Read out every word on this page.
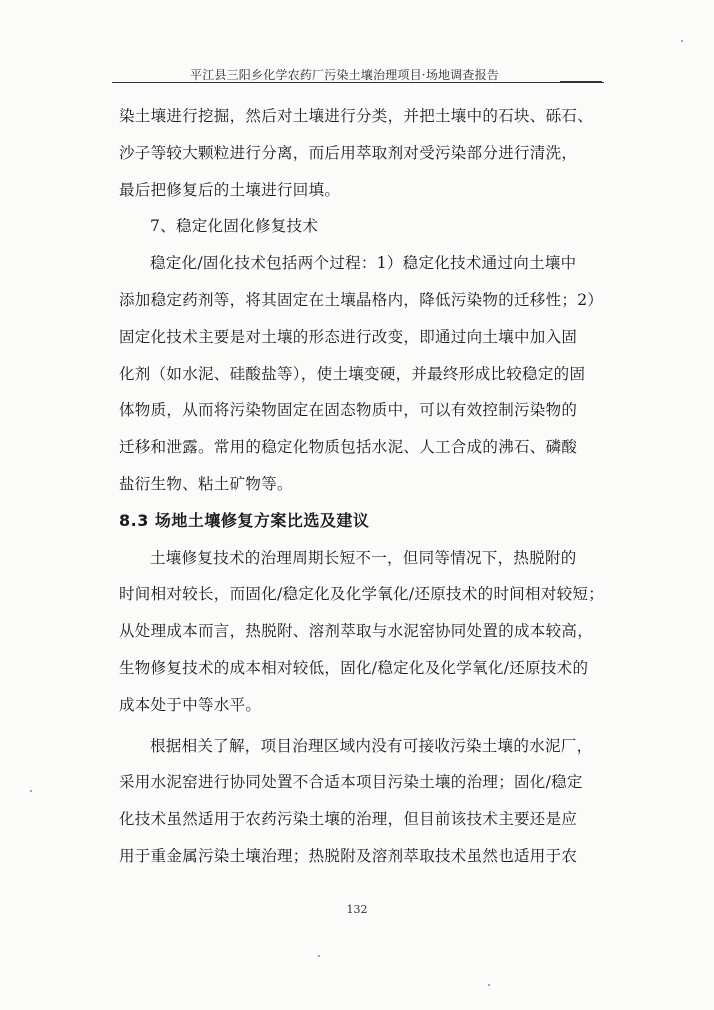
平江县三阳乡化学农药厂污染土壤治理项目·场地调查报告
染土壤进行挖掘，然后对土壤进行分类，并把土壤中的石块、砾石、
沙子等较大颗粒进行分离，而后用萃取剂对受污染部分进行清洗，
最后把修复后的土壤进行回填。
7、稳定化固化修复技术
稳定化/固化技术包括两个过程：1）稳定化技术通过向土壤中
添加稳定药剂等，将其固定在土壤晶格内，降低污染物的迁移性；2）
固定化技术主要是对土壤的形态进行改变，即通过向土壤中加入固
化剂（如水泥、硅酸盐等），使土壤变硬，并最终形成比较稳定的固
体物质，从而将污染物固定在固态物质中，可以有效控制污染物的
迁移和泄露。常用的稳定化物质包括水泥、人工合成的沸石、磷酸
盐衍生物、粘土矿物等。
8.3 场地土壤修复方案比选及建议
土壤修复技术的治理周期长短不一，但同等情况下，热脱附的
时间相对较长，而固化/稳定化及化学氧化/还原技术的时间相对较短；
从处理成本而言，热脱附、溶剂萃取与水泥窑协同处置的成本较高，
生物修复技术的成本相对较低，固化/稳定化及化学氧化/还原技术的
成本处于中等水平。
根据相关了解，项目治理区域内没有可接收污染土壤的水泥厂，
采用水泥窑进行协同处置不合适本项目污染土壤的治理；固化/稳定
化技术虽然适用于农药污染土壤的治理，但目前该技术主要还是应
用于重金属污染土壤治理；热脱附及溶剂萃取技术虽然也适用于农
132
